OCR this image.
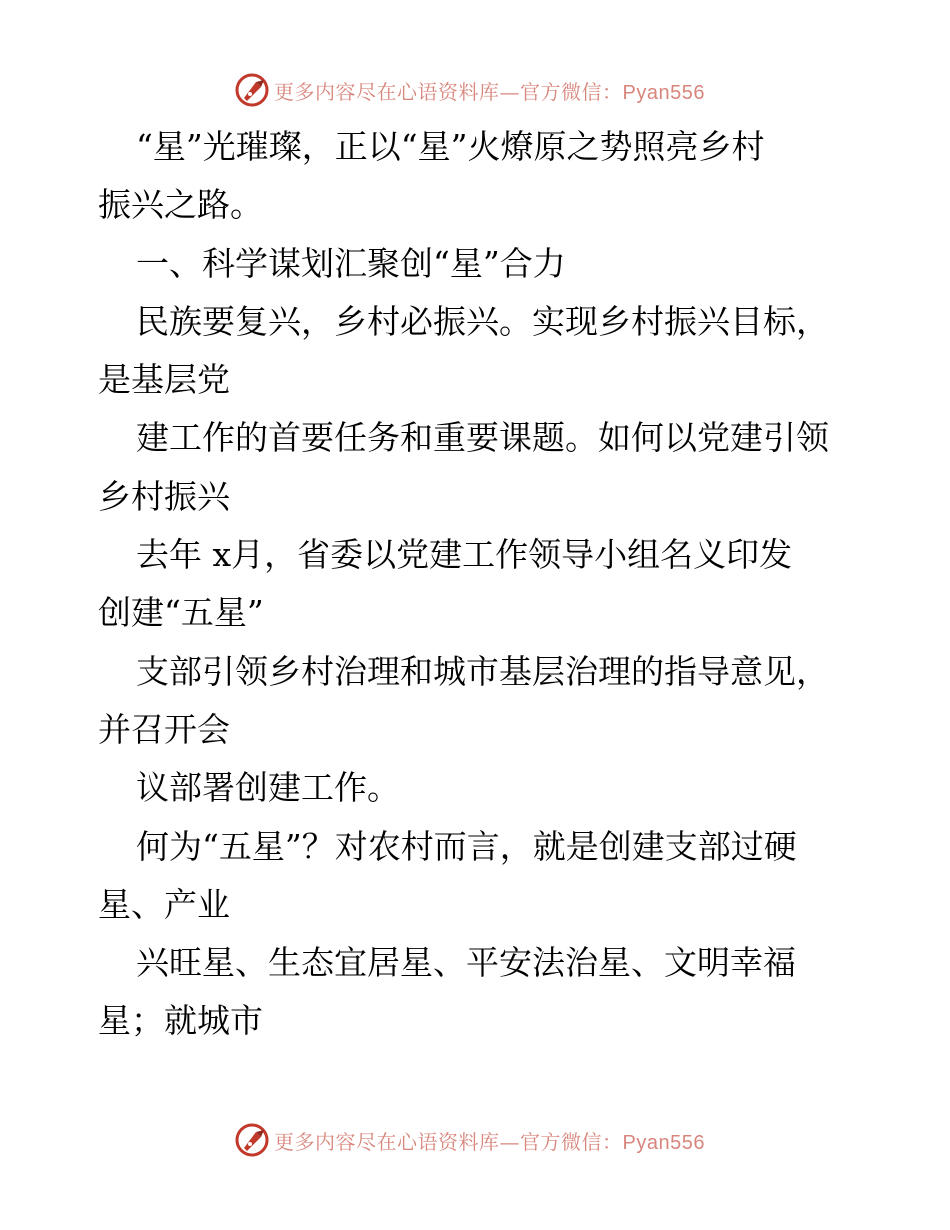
更多内容尽在心语资料库—官方微信：Pyan556
“星”光璀璨，正以“星”火燎原之势照亮乡村
振兴之路。
一、科学谋划汇聚创“星”合力
民族要复兴，乡村必振兴。实现乡村振兴目标，
是基层党
建工作的首要任务和重要课题。如何以党建引领
乡村振兴
去年 x月，省委以党建工作领导小组名义印发
创建“五星”
支部引领乡村治理和城市基层治理的指导意见，
并召开会
议部署创建工作。
何为“五星”？对农村而言，就是创建支部过硬
星、产业
兴旺星、生态宜居星、平安法治星、文明幸福
星；就城市
更多内容尽在心语资料库—官方微信：Pyan556
